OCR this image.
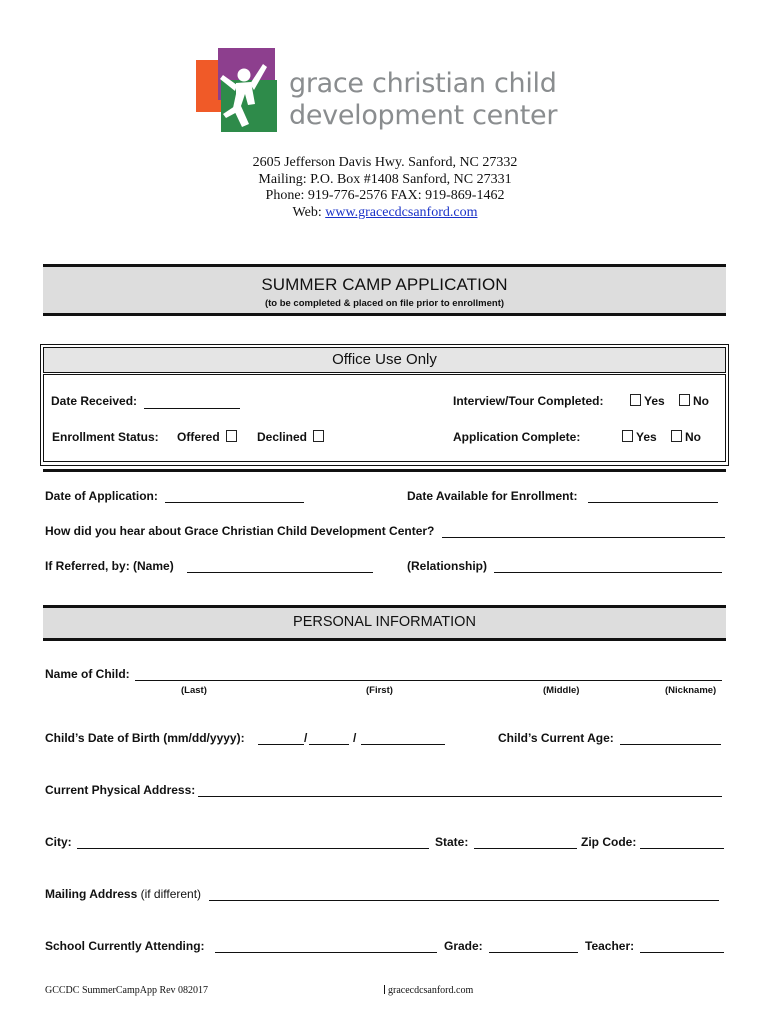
grace christian child
development center
2605 Jefferson Davis Hwy. Sanford, NC 27332
Mailing: P.O. Box #1408 Sanford, NC 27331
Phone: 919-776-2576 FAX: 919-869-1462
Web: www.gracecdcsanford.com
SUMMER CAMP APPLICATION
(to be completed & placed on file prior to enrollment)
Office Use Only
Date Received:	Interview/Tour Completed:	Yes	No
Enrollment Status: Offered	Declined	Application Complete:	Yes	No
Date of Application:	Date Available for Enrollment:
How did you hear about Grace Christian Child Development Center?
If Referred, by: (Name)	(Relationship)
PERSONAL INFORMATION
Name of Child:
(Last)	(First)	(Middle)	(Nickname)
Child’s Date of Birth (mm/dd/yyyy):	/	/	Child’s Current Age:
Current Physical Address:
City:	State:	Zip Code:
Mailing Address (if different)
School Currently Attending:	Grade:	Teacher:
GCCDC SummerCampApp Rev 082017	gracecdcsanford.com
